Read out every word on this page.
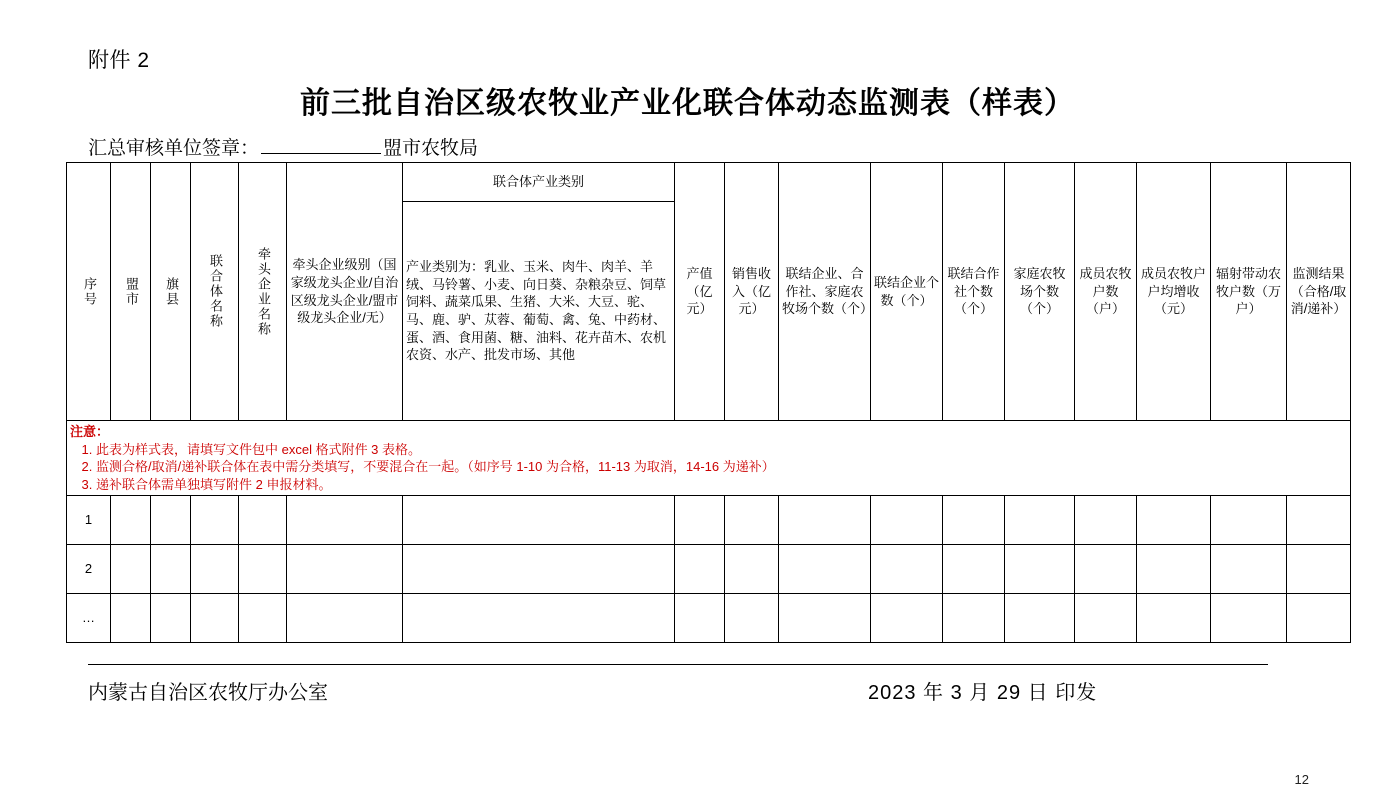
附件 2
前三批自治区级农牧业产业化联合体动态监测表（样表）
汇总审核单位签章：	盟市农牧局
序号	盟市	旗县	联合体名称	牵头企业名称	牵头企业级别（国家级龙头企业/自治区级龙头企业/盟市级龙头企业/无）	联合体产业类别	产值（亿元）	销售收入（亿元）	联结企业、合作社、家庭农牧场个数（个）	联结企业个数（个）	联结合作社个数（个）	家庭农牧场个数（个）	成员农牧户数（户）	成员农牧户户均增收（元）	辐射带动农牧户数（万户）	监测结果（合格/取消/递补）

						产业类别为：乳业、玉米、肉牛、肉羊、羊绒、马铃薯、小麦、向日葵、杂粮杂豆、饲草饲料、蔬菜瓜果、生猪、大米、大豆、驼、马、鹿、驴、苁蓉、葡萄、禽、兔、中药材、蛋、酒、食用菌、糖、油料、花卉苗木、农机农资、水产、批发市场、其他										

注意：
1. 此表为样式表，请填写文件包中 excel 格式附件 3 表格。
2. 监测合格/取消/递补联合体在表中需分类填写，不要混合在一起。（如序号 1-10 为合格，11-13 为取消，14-16 为递补）
3. 递补联合体需单独填写附件 2 申报材料。

1																
2																
…																
内蒙古自治区农牧厅办公室	2023 年 3 月 29 日 印发
12
